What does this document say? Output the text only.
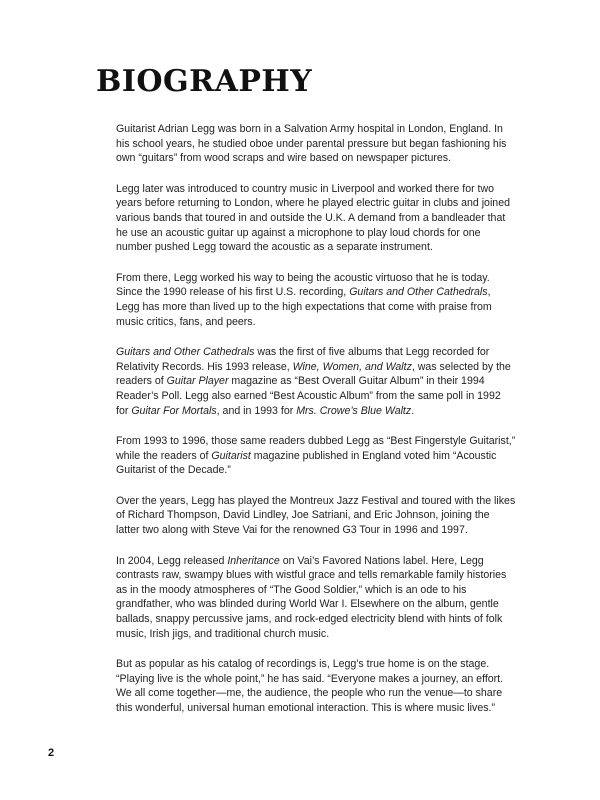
BIOGRAPHY

Guitarist Adrian Legg was born in a Salvation Army hospital in London, England. In his school years, he studied oboe under parental pressure but began fashioning his own “guitars” from wood scraps and wire based on newspaper pictures.

Legg later was introduced to country music in Liverpool and worked there for two years before returning to London, where he played electric guitar in clubs and joined various bands that toured in and outside the U.K. A demand from a bandleader that he use an acoustic guitar up against a microphone to play loud chords for one number pushed Legg toward the acoustic as a separate instrument.

From there, Legg worked his way to being the acoustic virtuoso that he is today. Since the 1990 release of his first U.S. recording, Guitars and Other Cathedrals, Legg has more than lived up to the high expectations that come with praise from music critics, fans, and peers.

Guitars and Other Cathedrals was the first of five albums that Legg recorded for Relativity Records. His 1993 release, Wine, Women, and Waltz, was selected by the readers of Guitar Player magazine as “Best Overall Guitar Album” in their 1994 Reader’s Poll. Legg also earned “Best Acoustic Album” from the same poll in 1992 for Guitar For Mortals, and in 1993 for Mrs. Crowe’s Blue Waltz.

From 1993 to 1996, those same readers dubbed Legg as “Best Fingerstyle Guitarist,” while the readers of Guitarist magazine published in England voted him “Acoustic Guitarist of the Decade.”

Over the years, Legg has played the Montreux Jazz Festival and toured with the likes of Richard Thompson, David Lindley, Joe Satriani, and Eric Johnson, joining the latter two along with Steve Vai for the renowned G3 Tour in 1996 and 1997.

In 2004, Legg released Inheritance on Vai’s Favored Nations label. Here, Legg contrasts raw, swampy blues with wistful grace and tells remarkable family histories as in the moody atmospheres of “The Good Soldier,” which is an ode to his grandfather, who was blinded during World War I. Elsewhere on the album, gentle ballads, snappy percussive jams, and rock-edged electricity blend with hints of folk music, Irish jigs, and traditional church music.

But as popular as his catalog of recordings is, Legg’s true home is on the stage. “Playing live is the whole point,” he has said. “Everyone makes a journey, an effort. We all come together—me, the audience, the people who run the venue—to share this wonderful, universal human emotional interaction. This is where music lives.”

2
